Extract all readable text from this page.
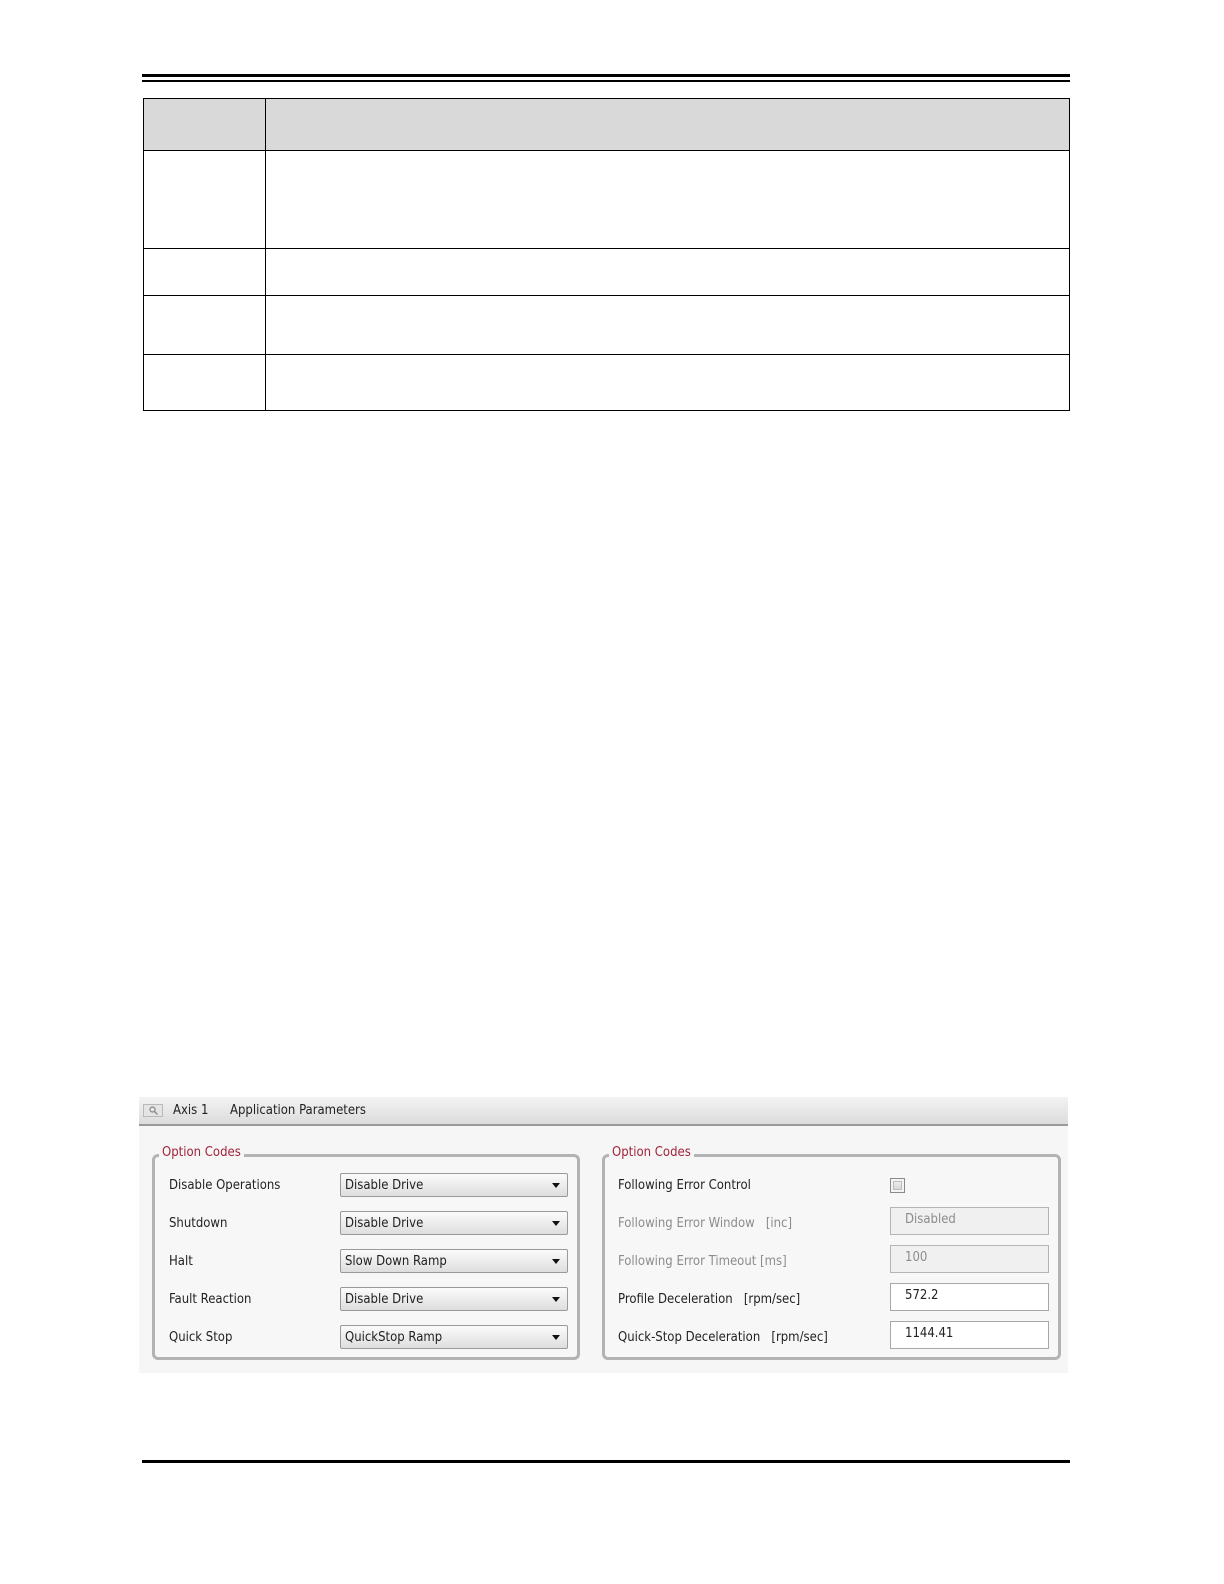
Axis 1 Application Parameters
Option Codes
Disable Operations	Disable Drive
Shutdown	Disable Drive
Halt	Slow Down Ramp
Fault Reaction	Disable Drive
Quick Stop	QuickStop Ramp
Option Codes
Following Error Control
Following Error Window   [inc]	Disabled
Following Error Timeout [ms]	100
Profile Deceleration   [rpm/sec]	572.2
Quick-Stop Deceleration   [rpm/sec]	1144.41
